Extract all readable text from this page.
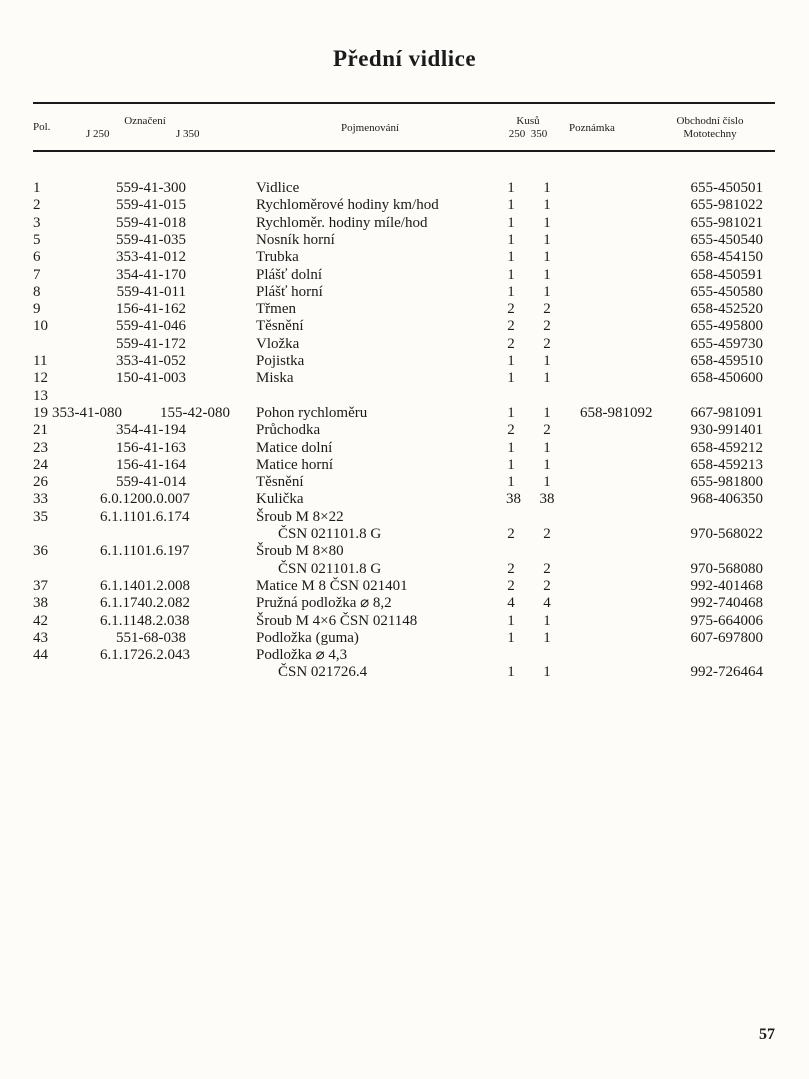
Přední vidlice
Pol.	Označení
J 250	J 350	Pojmenování
Kusů
250  350	Poznámka
Obchodní číslo
Mototechny
1	559-41-300	Vidlice	1	1	655-450501
2	559-41-015	Rychloměrové hodiny km/hod	1	1	655-981022
3	559-41-018	Rychloměr. hodiny míle/hod	1	1	655-981021
5	559-41-035	Nosník horní	1	1	655-450540
6	353-41-012	Trubka	1	1	658-454150
7	354-41-170	Plášť dolní	1	1	658-450591
8	559-41-011	Plášť horní	1	1	655-450580
9	156-41-162	Třmen	2	2	658-452520
10	559-41-046	Těsnění	2	2	655-495800
559-41-172	Vložka	2	2	655-459730
11	353-41-052	Pojistka	1	1	658-459510
12	150-41-003	Miska	1	1	658-450600
13
19 353-41-080	155-42-080	Pohon rychloměru	1	1	658-981092	667-981091
21	354-41-194	Průchodka	2	2	930-991401
23	156-41-163	Matice dolní	1	1	658-459212
24	156-41-164	Matice horní	1	1	658-459213
26	559-41-014	Těsnění	1	1	655-981800
33	6.0.1200.0.007	Kulička	38 38	968-406350
35	6.1.1101.6.174	Šroub M 8×22
ČSN 021101.8 G	2	2	970-568022
36	6.1.1101.6.197	Šroub M 8×80
ČSN 021101.8 G	2	2	970-568080
37	6.1.1401.2.008	Matice M 8 ČSN 021401	2	2	992-401468
38	6.1.1740.2.082	Pružná podložka ⌀ 8,2	4	4	992-740468
42	6.1.1148.2.038	Šroub M 4×6 ČSN 021148	1	1	975-664006
43	551-68-038	Podložka (guma)	1	1	607-697800
44	6.1.1726.2.043	Podložka ⌀ 4,3
ČSN 021726.4	1	1	992-726464
57
